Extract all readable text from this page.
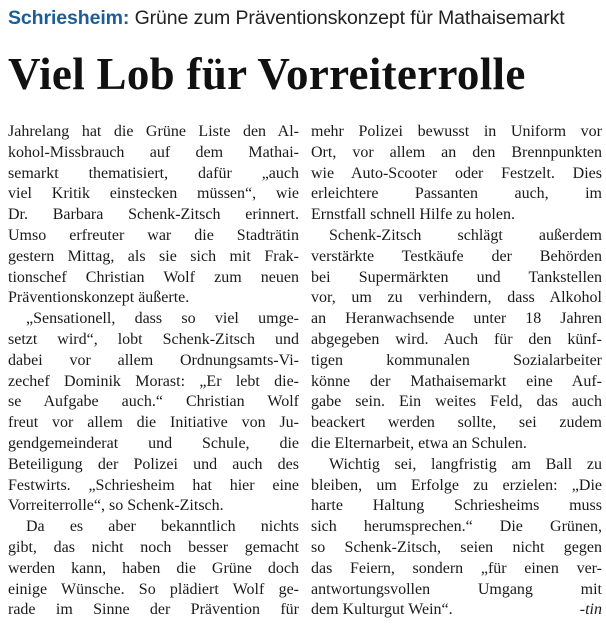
Schriesheim: Grüne zum Präventionskonzept für Mathaisemarkt
Viel Lob für Vorreiterrolle
Jahrelang hat die Grüne Liste den Al-
kohol-Missbrauch auf dem Mathai-
semarkt thematisiert, dafür „auch
viel Kritik einstecken müssen“, wie
Dr. Barbara Schenk-Zitsch erinnert.
Umso erfreuter war die Stadträtin
gestern Mittag, als sie sich mit Frak-
tionschef Christian Wolf zum neuen
Präventionskonzept äußerte.
„Sensationell, dass so viel umge-
setzt wird“, lobt Schenk-Zitsch und
dabei vor allem Ordnungsamts-Vi-
zechef Dominik Morast: „Er lebt die-
se Aufgabe auch.“ Christian Wolf
freut vor allem die Initiative von Ju-
gendgemeinderat und Schule, die
Beteiligung der Polizei und auch des
Festwirts. „Schriesheim hat hier eine
Vorreiterrolle“, so Schenk-Zitsch.
Da es aber bekanntlich nichts
gibt, das nicht noch besser gemacht
werden kann, haben die Grüne doch
einige Wünsche. So plädiert Wolf ge-
rade im Sinne der Prävention für
mehr Polizei bewusst in Uniform vor
Ort, vor allem an den Brennpunkten
wie Auto-Scooter oder Festzelt. Dies
erleichtere Passanten auch, im
Ernstfall schnell Hilfe zu holen.
Schenk-Zitsch schlägt außerdem
verstärkte Testkäufe der Behörden
bei Supermärkten und Tankstellen
vor, um zu verhindern, dass Alkohol
an Heranwachsende unter 18 Jahren
abgegeben wird. Auch für den künf-
tigen kommunalen Sozialarbeiter
könne der Mathaisemarkt eine Auf-
gabe sein. Ein weites Feld, das auch
beackert werden sollte, sei zudem
die Elternarbeit, etwa an Schulen.
Wichtig sei, langfristig am Ball zu
bleiben, um Erfolge zu erzielen: „Die
harte Haltung Schriesheims muss
sich herumsprechen.“ Die Grünen,
so Schenk-Zitsch, seien nicht gegen
das Feiern, sondern „für einen ver-
antwortungsvollen Umgang mit
-tin
dem Kulturgut Wein“.
